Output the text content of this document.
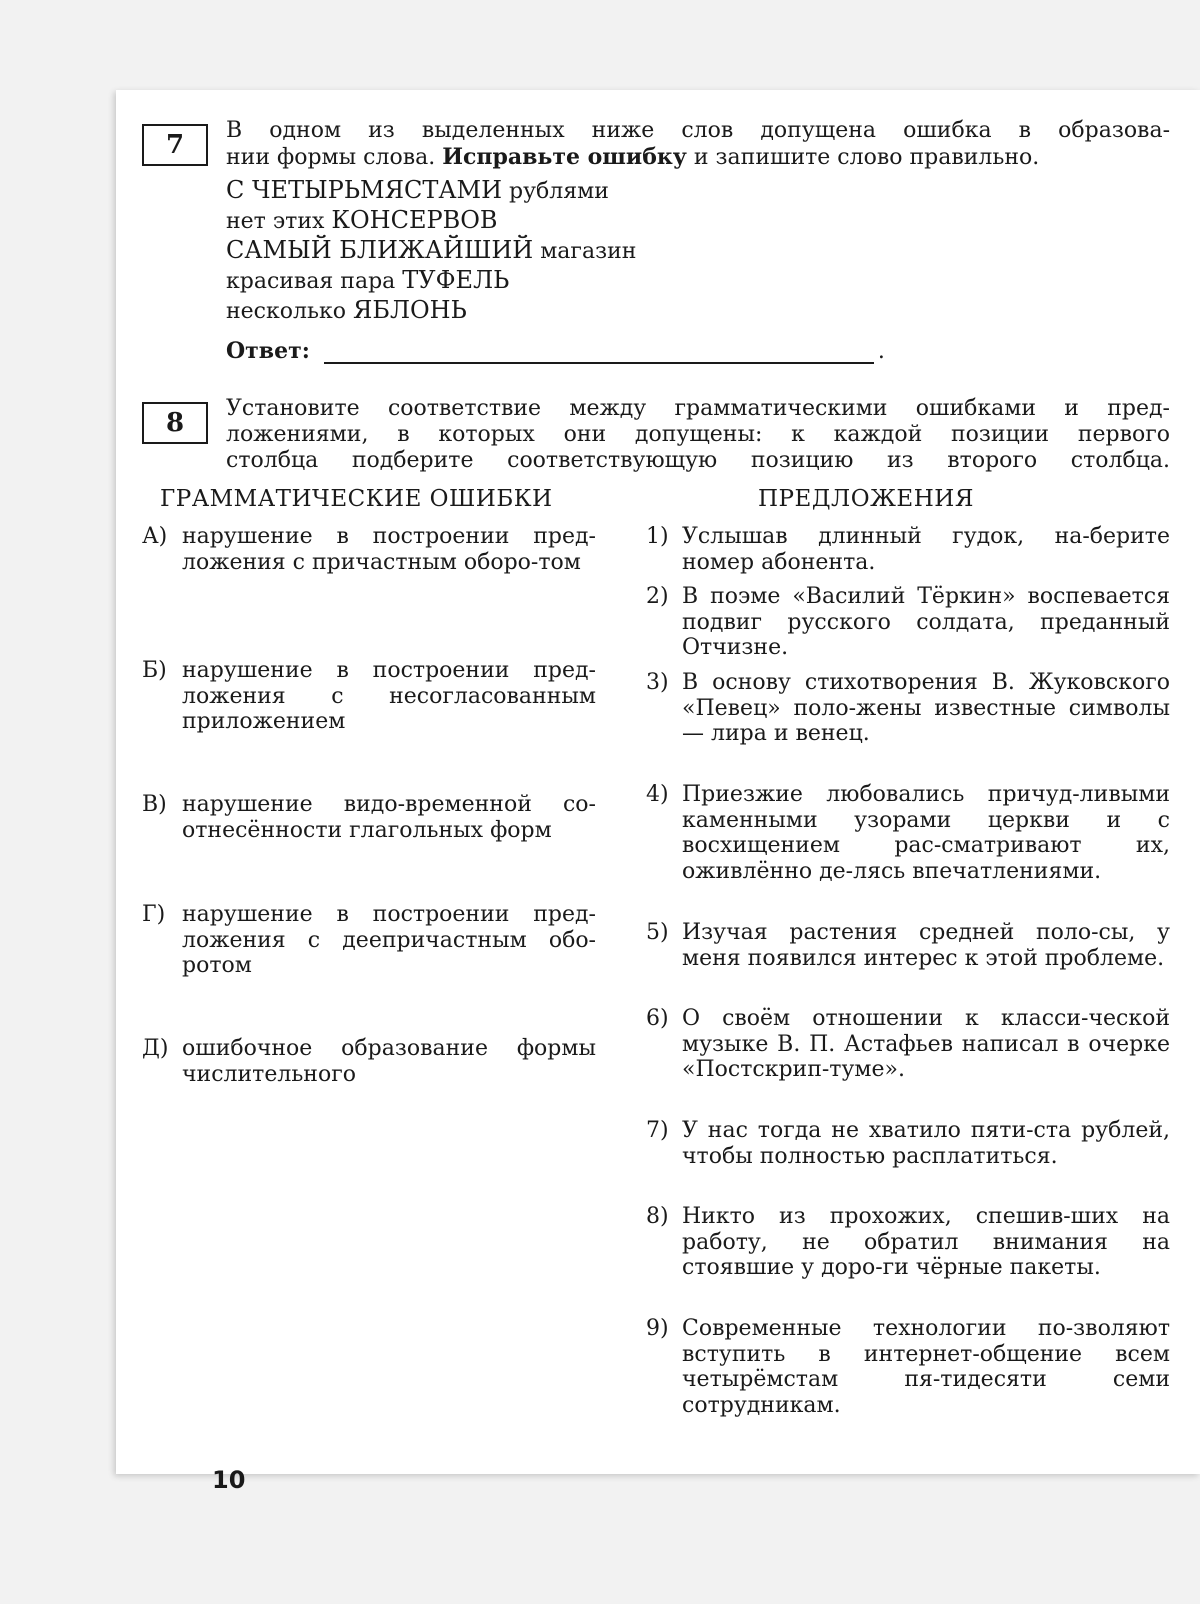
7 В одном из выделенных ниже слов допущена ошибка в образова-
нии формы слова. Исправьте ошибку и запишите слово правильно.
С ЧЕТЫРЬМЯСТАМИ рублями
нет этих КОНСЕРВОВ
САМЫЙ БЛИЖАЙШИЙ магазин
красивая пара ТУФЕЛЬ
несколько ЯБЛОНЬ
Ответ:	.
8 Установите соответствие между грамматическими ошибками и пред-
ложениями, в которых они допущены: к каждой позиции первого
столбца подберите соответствующую позицию из второго столбца.
ГРАММАТИЧЕСКИЕ ОШИБКИ	ПРЕДЛОЖЕНИЯ
А) нарушение в построении пред-ложения с причастным оборо-том
Б) нарушение в построении пред-ложения с несогласованным приложением
В) нарушение видо-временной со-отнесённости глагольных форм
Г) нарушение в построении пред-ложения с деепричастным обо-ротом
Д) ошибочное образование формы числительного
1) Услышав длинный гудок, на-берите номер абонента.
2) В поэме «Василий Тёркин» воспевается подвиг русского солдата, преданный Отчизне.
3) В основу стихотворения В. Жуковского «Певец» поло-жены известные символы — лира и венец.
4) Приезжие любовались причуд-ливыми каменными узорами церкви и с восхищением рас-сматривают их, оживлённо де-лясь впечатлениями.
5) Изучая растения средней поло-сы, у меня появился интерес к этой проблеме.
6) О своём отношении к класси-ческой музыке В. П. Астафьев написал в очерке «Постскрип-туме».
7) У нас тогда не хватило пяти-ста рублей, чтобы полностью расплатиться.
8) Никто из прохожих, спешив-ших на работу, не обратил внимания на стоявшие у доро-ги чёрные пакеты.
9) Современные технологии по-зволяют вступить в интернет-общение всем четырёмстам пя-тидесяти семи сотрудникам.
10
